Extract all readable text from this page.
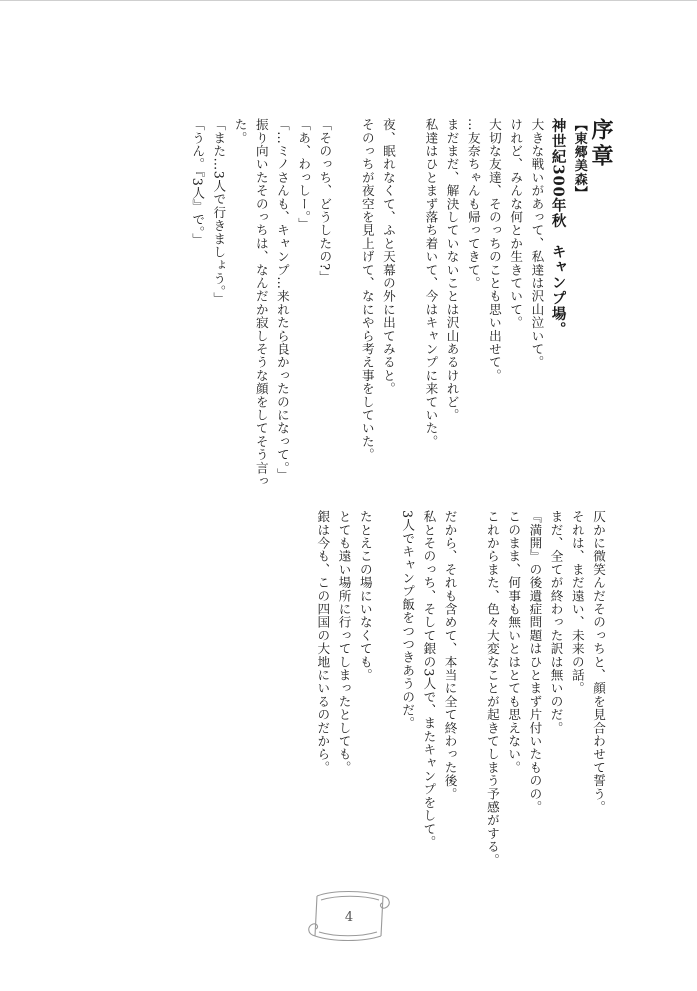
序章

【東郷美森】

神世紀300年秋　キャンプ場。

大きな戦いがあって、私達は沢山泣いて。

けれど、みんな何とか生きていて。

大切な友達、そのっちのことも思い出せて。

…友奈ちゃんも帰ってきて。

まだまだ、解決していないことは沢山あるけれど。

私達はひとまず落ち着いて、今はキャンプに来ていた。

夜、眠れなくて、ふと天幕の外に出てみると。

そのっちが夜空を見上げて、なにやら考え事をしていた。

「そのっち、どうしたの?」

「あ、わっしー。」

「…ミノさんも、キャンプ…来れたら良かったのになって。」

振り向いたそのっちは、なんだか寂しそうな顔をしてそう言った。

「また…3人で行きましょう。」

「うん。『3人』で。」

仄かに微笑んだそのっちと、顔を見合わせて誓う。

それは、まだ遠い、未来の話。

まだ、全てが終わった訳は無いのだ。

『満開』の後遺症問題はひとまず片付いたものの。

このまま、何事も無いとはとても思えない。

これからまた、色々大変なことが起きてしまう予感がする。

だから、それも含めて、本当に全て終わった後。

私とそのっち、そして銀の3人で、またキャンプをして。

3人でキャンプ飯をつつきあうのだ。

たとえこの場にいなくても。

とても遠い場所に行ってしまったとしても。

銀は今も、この四国の大地にいるのだから。

4
